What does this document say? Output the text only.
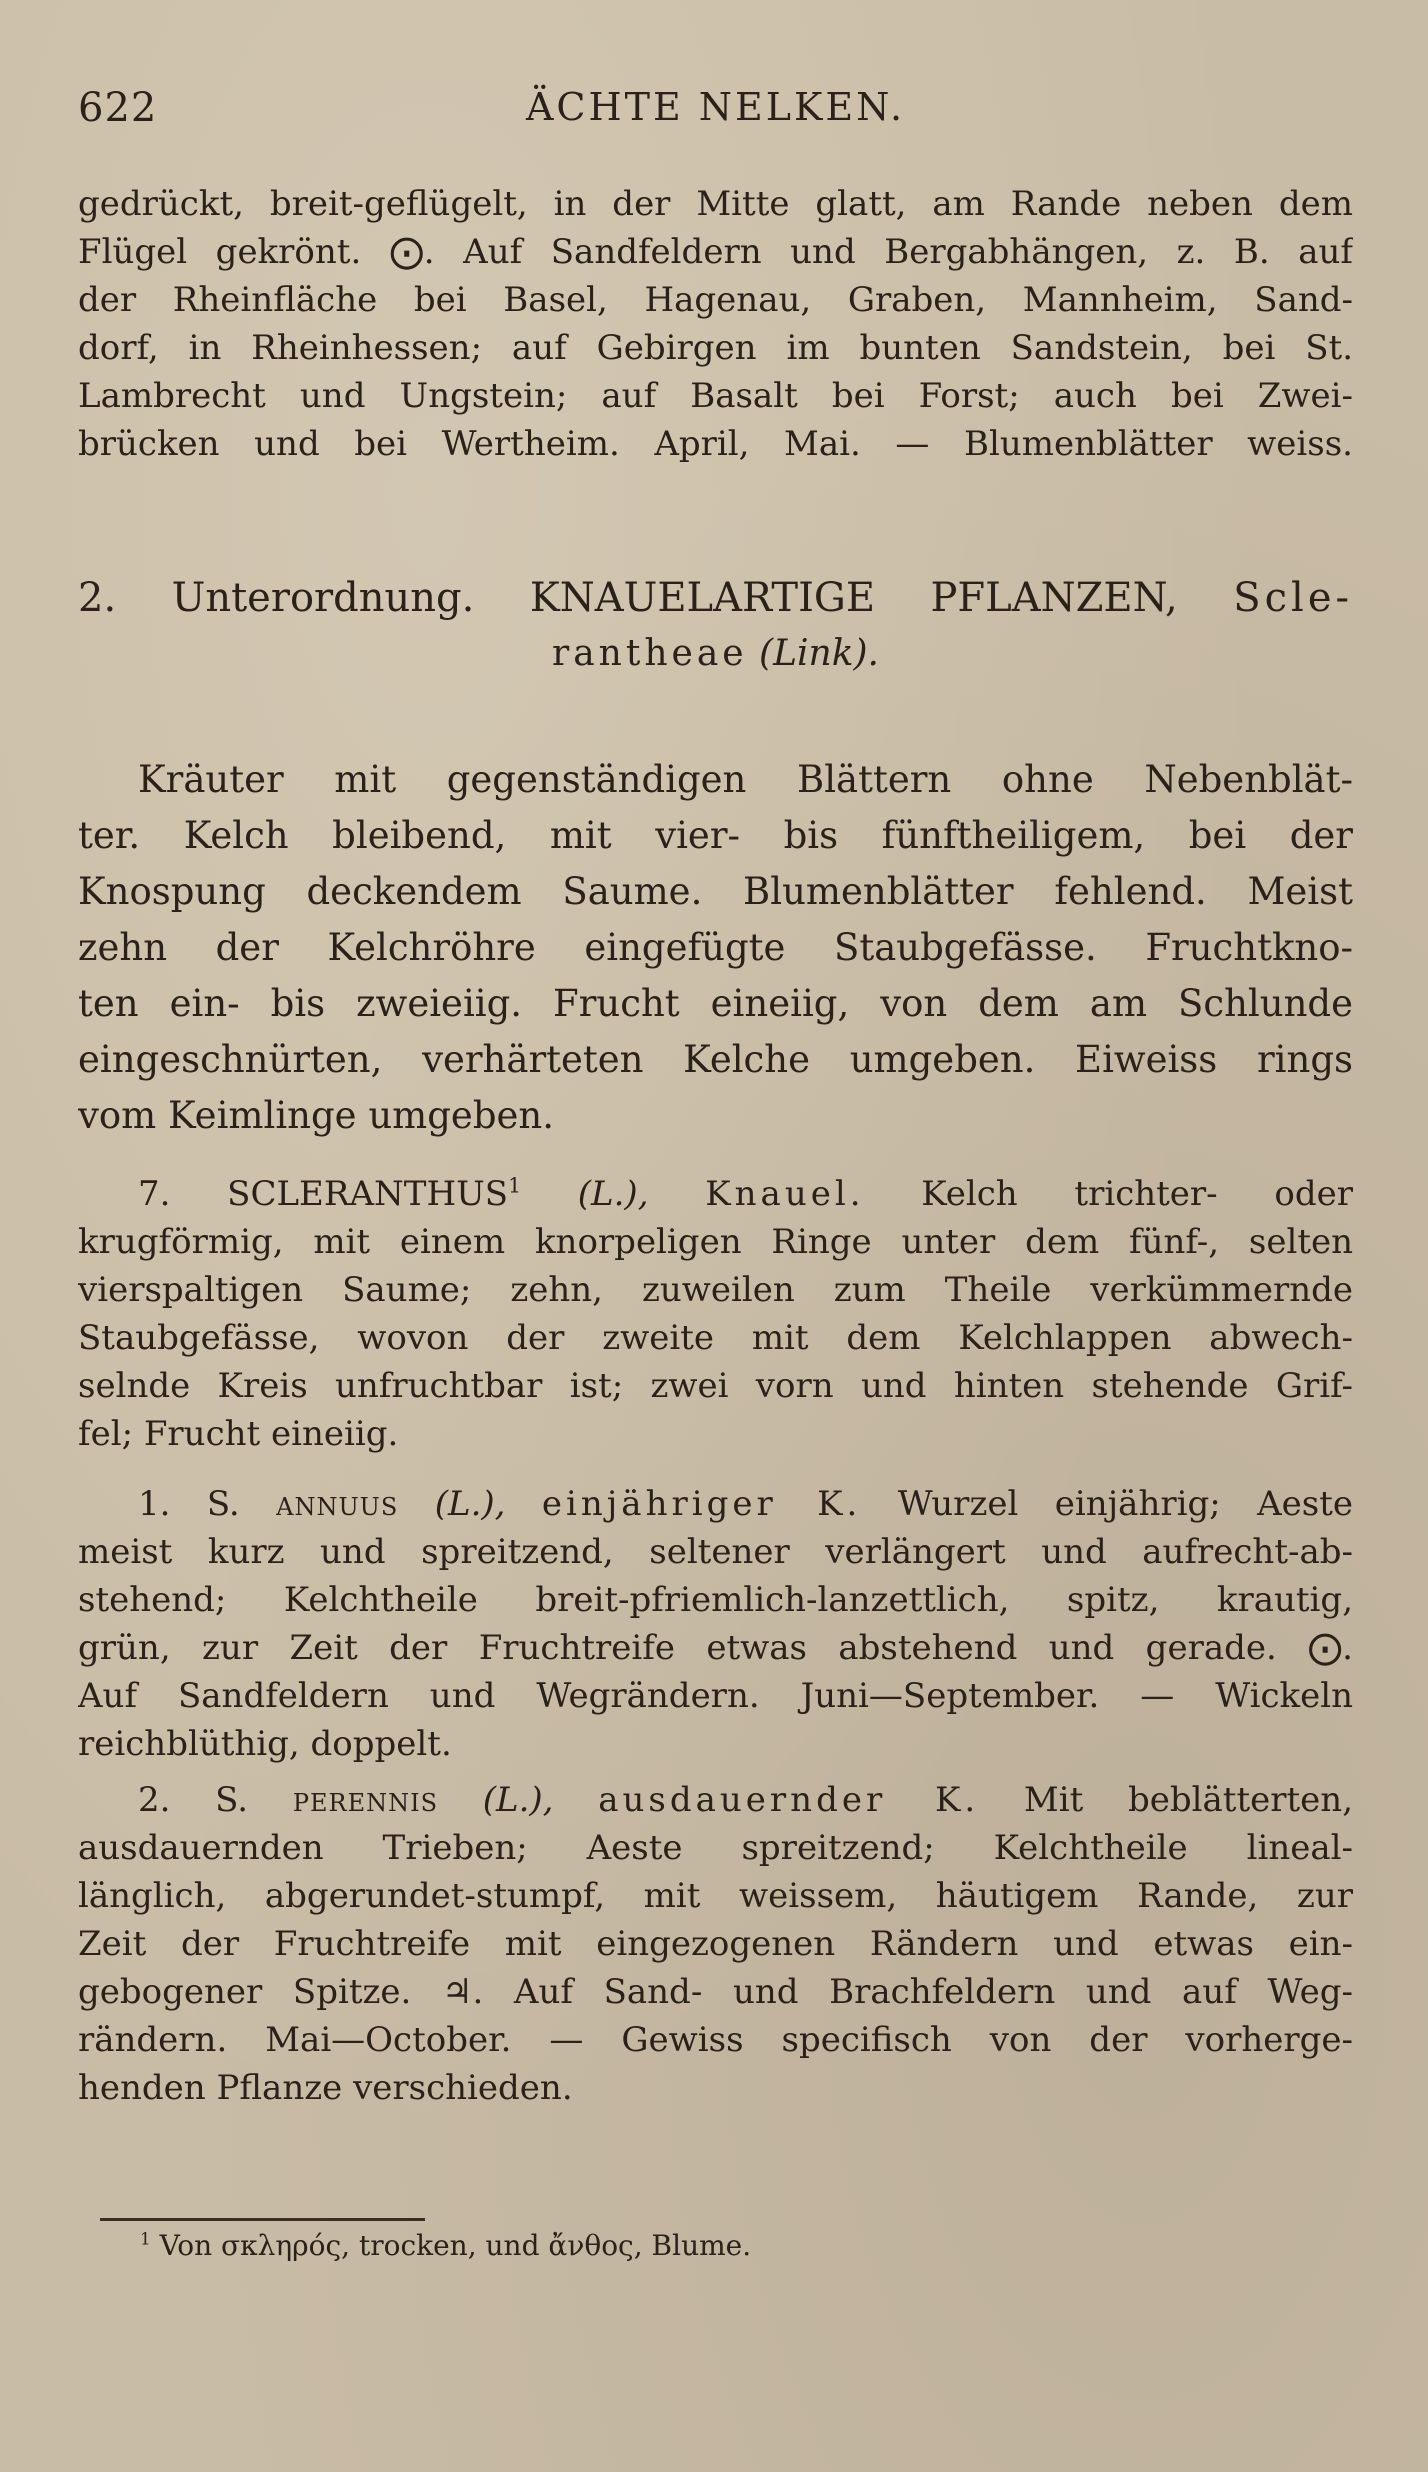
622	ÄCHTE NELKEN.
gedrückt, breit-geflügelt, in der Mitte glatt, am Rande neben dem
Flügel gekrönt. ⨀. Auf Sandfeldern und Bergabhängen, z. B. auf
der Rheinfläche bei Basel, Hagenau, Graben, Mannheim, Sand-
dorf, in Rheinhessen; auf Gebirgen im bunten Sandstein, bei St.
Lambrecht und Ungstein; auf Basalt bei Forst; auch bei Zwei-
brücken und bei Wertheim. April, Mai. — Blumenblätter weiss.
2. Unterordnung. KNAUELARTIGE PFLANZEN, Scle-
rantheae (Link).
Kräuter mit gegenständigen Blättern ohne Nebenblät-
ter. Kelch bleibend, mit vier- bis fünftheiligem, bei der
Knospung deckendem Saume. Blumenblätter fehlend. Meist
zehn der Kelchröhre eingefügte Staubgefässe. Fruchtkno-
ten ein- bis zweieiig. Frucht eineiig, von dem am Schlunde
eingeschnürten, verhärteten Kelche umgeben. Eiweiss rings
vom Keimlinge umgeben.
7. SCLERANTHUS$^1$ (L.), Knauel. Kelch trichter- oder
krugförmig, mit einem knorpeligen Ringe unter dem fünf-, selten
vierspaltigen Saume; zehn, zuweilen zum Theile verkümmernde
Staubgefässe, wovon der zweite mit dem Kelchlappen abwech-
selnde Kreis unfruchtbar ist; zwei vorn und hinten stehende Grif-
fel; Frucht eineiig.
1. S. annuus (L.), einjähriger K. Wurzel einjährig; Aeste
meist kurz und spreitzend, seltener verlängert und aufrecht-ab-
stehend; Kelchtheile breit-pfriemlich-lanzettlich, spitz, krautig,
grün, zur Zeit der Fruchtreife etwas abstehend und gerade. ⨀.
Auf Sandfeldern und Wegrändern. Juni—September. — Wickeln
reichblüthig, doppelt.
2. S. perennis (L.), ausdauernder K. Mit beblätterten,
ausdauernden Trieben; Aeste spreitzend; Kelchtheile lineal-
länglich, abgerundet-stumpf, mit weissem, häutigem Rande, zur
Zeit der Fruchtreife mit eingezogenen Rändern und etwas ein-
gebogener Spitze. ♃. Auf Sand- und Brachfeldern und auf Weg-
rändern. Mai—October. — Gewiss specifisch von der vorherge-
henden Pflanze verschieden.
$^1$ Von σκληρός, trocken, und ἄνθος, Blume.
